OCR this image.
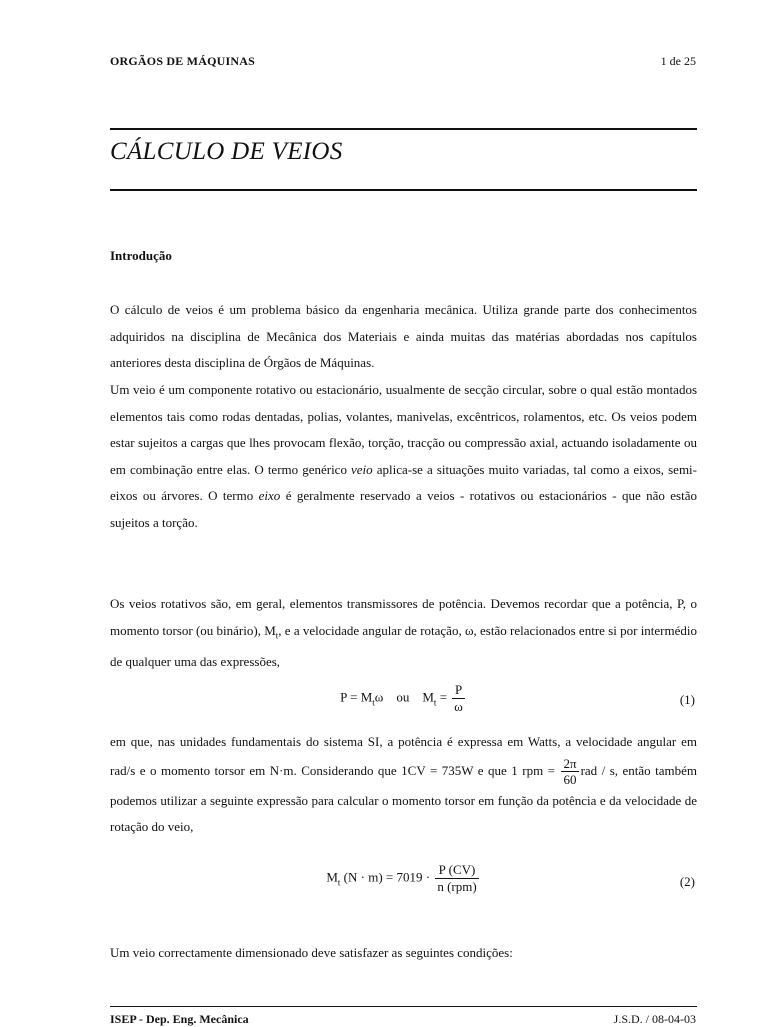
ORGÃOS DE MÁQUINAS	1 de 25
CÁLCULO DE VEIOS
Introdução
O cálculo de veios é um problema básico da engenharia mecânica. Utiliza grande parte dos conhecimentos adquiridos na disciplina de Mecânica dos Materiais e ainda muitas das matérias abordadas nos capítulos anteriores desta disciplina de Órgãos de Máquinas.
Um veio é um componente rotativo ou estacionário, usualmente de secção circular, sobre o qual estão montados elementos tais como rodas dentadas, polias, volantes, manivelas, excêntricos, rolamentos, etc. Os veios podem estar sujeitos a cargas que lhes provocam flexão, torção, tracção ou compressão axial, actuando isoladamente ou em combinação entre elas. O termo genérico veio aplica-se a situações muito variadas, tal como a eixos, semi-eixos ou árvores. O termo eixo é geralmente reservado a veios - rotativos ou estacionários - que não estão sujeitos a torção.
Os veios rotativos são, em geral, elementos transmissores de potência. Devemos recordar que a potência, P, o momento torsor (ou binário), $M_t$, e a velocidade angular de rotação, ω, estão relacionados entre si por intermédio de qualquer uma das expressões,
$P = M_t\omega$ ou $M_t = \frac{P}{\omega}$	(1)
em que, nas unidades fundamentais do sistema SI, a potência é expressa em Watts, a velocidade angular em rad/s e o momento torsor em N·m. Considerando que 1CV = 735W e que 1 rpm = $\frac{2\pi}{60}$ rad / s, então também podemos utilizar a seguinte expressão para calcular o momento torsor em função da potência e da velocidade de rotação do veio,
$M_t$ $(N \cdot m) = 7019 \cdot \frac{P (CV)}{\text{n (rpm)}}$	(2)
Um veio correctamente dimensionado deve satisfazer as seguintes condições:
ISEP - Dep. Eng. Mecânica	J.S.D. / 08-04-03
